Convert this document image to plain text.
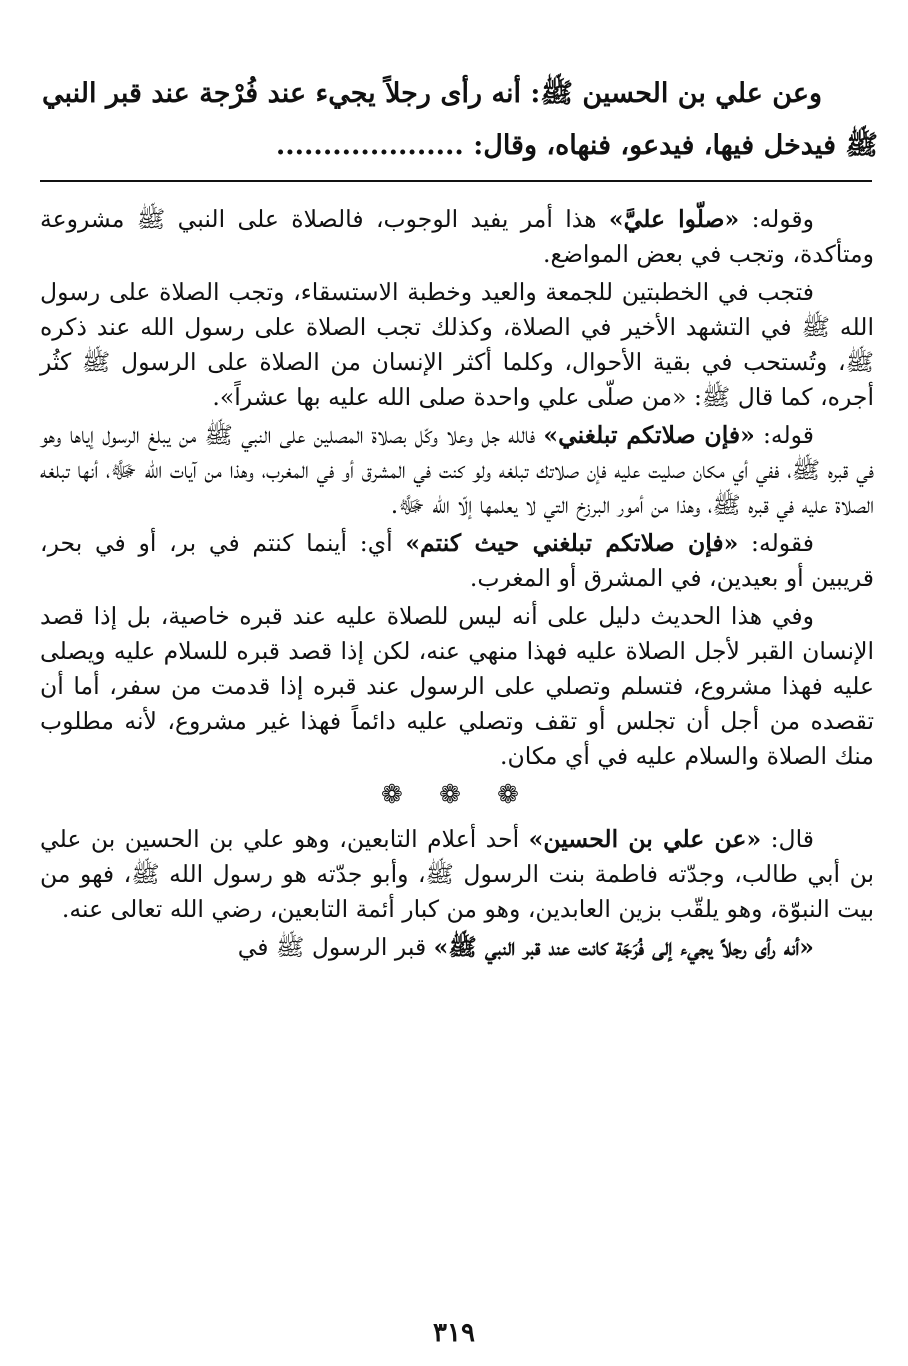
وعن علي بن الحسين ﷺ: أنه رأى رجلاً يجيء عند فُرْجة عند قبر النبي ﷺ فيدخل فيها، فيدعو، فنهاه، وقال: ....................

وقوله: «صلّوا عليَّ» هذا أمر يفيد الوجوب، فالصلاة على النبي ﷺ مشروعة ومتأكدة، وتجب في بعض المواضع.

فتجب في الخطبتين للجمعة والعيد وخطبة الاستسقاء، وتجب الصلاة على رسول الله ﷺ في التشهد الأخير في الصلاة، وكذلك تجب الصلاة على رسول الله عند ذكره ﷺ، وتُستحب في بقية الأحوال، وكلما أكثر الإنسان من الصلاة على الرسول ﷺ كثُر أجره، كما قال ﷺ: «من صلّى علي واحدة صلى الله عليه بها عشراً».

قوله: «فإن صلاتكم تبلغني» فالله جل وعلا وكّل بصلاة المصلين على النبي ﷺ من يبلغ الرسول إياها وهو في قبره ﷺ، ففي أي مكان صليت عليه فإن صلاتك تبلغه ولو كنت في المشرق أو في المغرب، وهذا من آيات الله ﷻ، أنها تبلغه الصلاة عليه في قبره ﷺ، وهذا من أمور البرزخ التي لا يعلمها إلّا الله ﷻ.

فقوله: «فإن صلاتكم تبلغني حيث كنتم» أي: أينما كنتم في بر، أو في بحر، قريبين أو بعيدين، في المشرق أو المغرب.

وفي هذا الحديث دليل على أنه ليس للصلاة عليه عند قبره خاصية، بل إذا قصد الإنسان القبر لأجل الصلاة عليه فهذا منهي عنه، لكن إذا قصد قبره للسلام عليه ويصلى عليه فهذا مشروع، فتسلم وتصلي على الرسول عند قبره إذا قدمت من سفر، أما أن تقصده من أجل أن تجلس أو تقف وتصلي عليه دائماً فهذا غير مشروع، لأنه مطلوب منك الصلاة والسلام عليه في أي مكان.

❁ ❁ ❁

قال: «عن علي بن الحسين» أحد أعلام التابعين، وهو علي بن الحسين بن علي بن أبي طالب، وجدّته فاطمة بنت الرسول ﷺ، وأبو جدّته هو رسول الله ﷺ، فهو من بيت النبوّة، وهو يلقّب بزين العابدين، وهو من كبار أئمة التابعين، رضي الله تعالى عنه.

«أنه رأى رجلاً يجيء إلى فُرَجَة كانت عند قبر النبي ﷺ» قبر الرسول ﷺ في

٣١٩
